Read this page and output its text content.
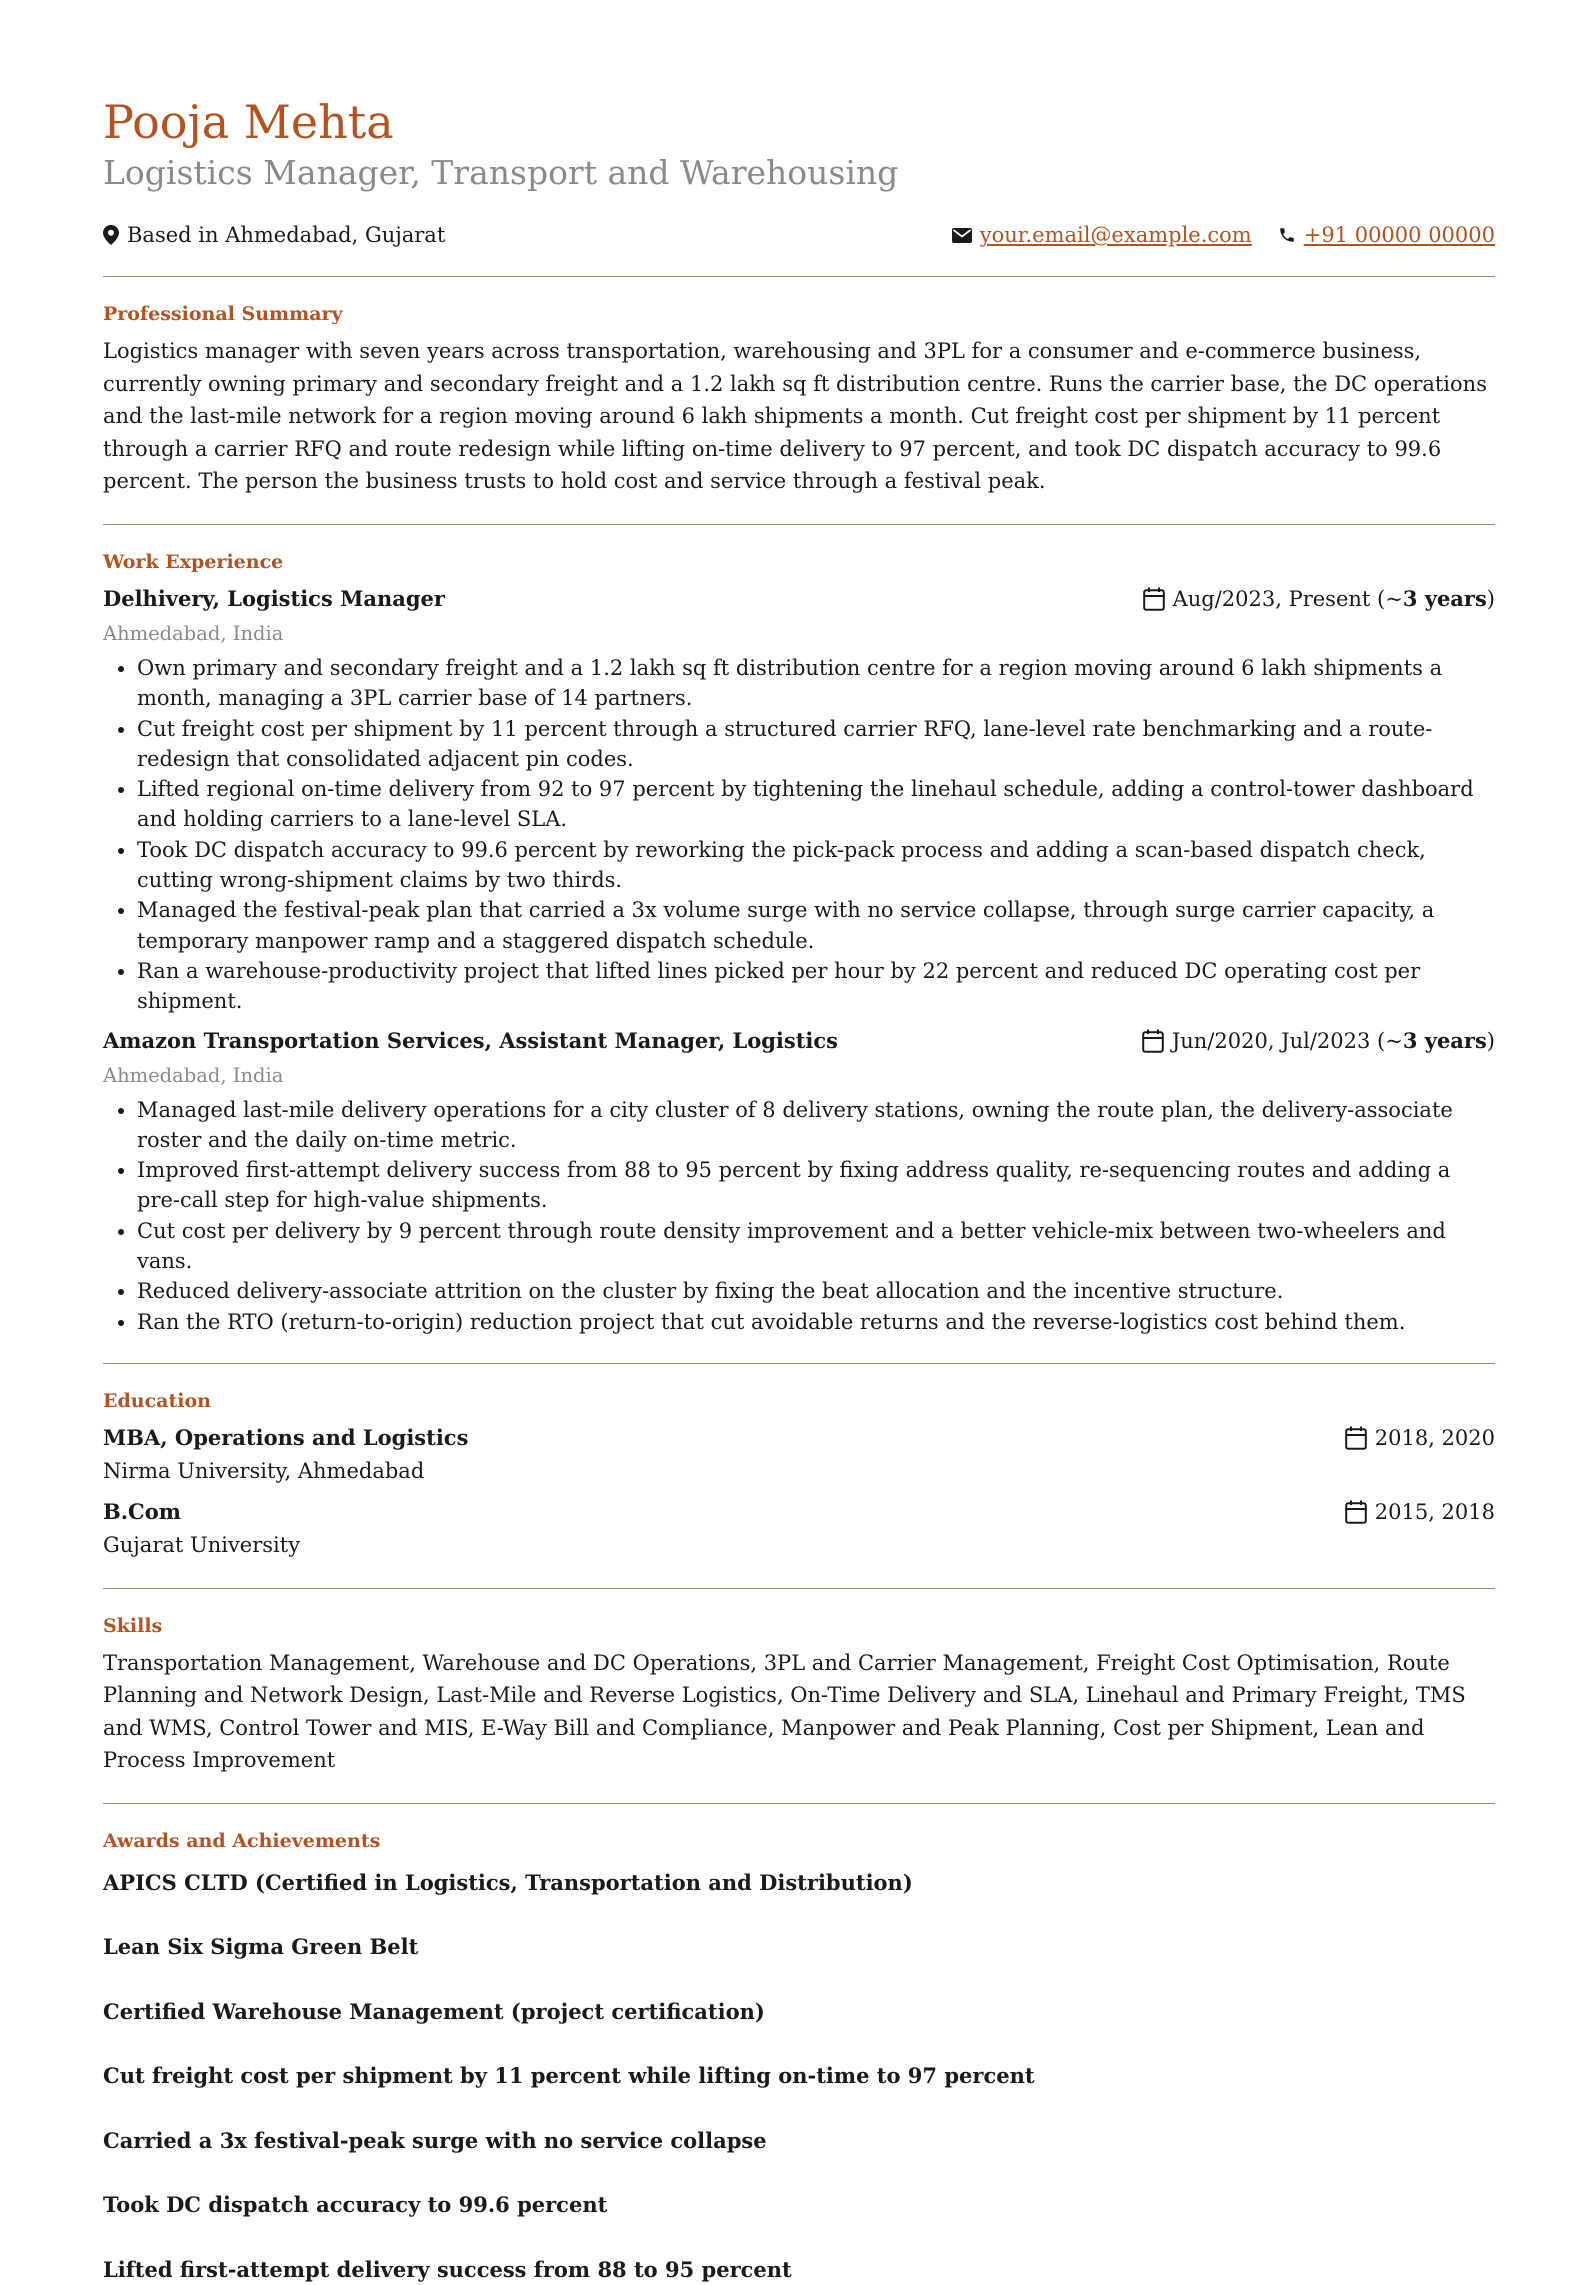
Pooja Mehta
Logistics Manager, Transport and Warehousing
Based in Ahmedabad, Gujarat	your.email@example.com +91 00000 00000
Professional Summary

Logistics manager with seven years across transportation, warehousing and 3PL for a consumer and e-commerce business, currently owning primary and secondary freight and a 1.2 lakh sq ft distribution centre. Runs the carrier base, the DC operations and the last-mile network for a region moving around 6 lakh shipments a month. Cut freight cost per shipment by 11 percent through a carrier RFQ and route redesign while lifting on-time delivery to 97 percent, and took DC dispatch accuracy to 99.6 percent. The person the business trusts to hold cost and service through a festival peak.

Work Experience
Delhivery, Logistics Manager	Aug/2023, Present (~ 3 years )
Ahmedabad, India
• Own primary and secondary freight and a 1.2 lakh sq ft distribution centre for a region moving around 6 lakh shipments a month, managing a 3PL carrier base of 14 partners.
• Cut freight cost per shipment by 11 percent through a structured carrier RFQ, lane-level rate benchmarking and a route-redesign that consolidated adjacent pin codes.
• Lifted regional on-time delivery from 92 to 97 percent by tightening the linehaul schedule, adding a control-tower dashboard and holding carriers to a lane-level SLA.
• Took DC dispatch accuracy to 99.6 percent by reworking the pick-pack process and adding a scan-based dispatch check, cutting wrong-shipment claims by two thirds.
• Managed the festival-peak plan that carried a 3x volume surge with no service collapse, through surge carrier capacity, a temporary manpower ramp and a staggered dispatch schedule.
• Ran a warehouse-productivity project that lifted lines picked per hour by 22 percent and reduced DC operating cost per shipment.
Amazon Transportation Services, Assistant Manager, Logistics	Jun/2020, Jul/2023 (~ 3 years )
Ahmedabad, India
• Managed last-mile delivery operations for a city cluster of 8 delivery stations, owning the route plan, the delivery-associate roster and the daily on-time metric.
• Improved first-attempt delivery success from 88 to 95 percent by fixing address quality, re-sequencing routes and adding a pre-call step for high-value shipments.
• Cut cost per delivery by 9 percent through route density improvement and a better vehicle-mix between two-wheelers and vans.
• Reduced delivery-associate attrition on the cluster by fixing the beat allocation and the incentive structure.
• Ran the RTO (return-to-origin) reduction project that cut avoidable returns and the reverse-logistics cost behind them.
Education
MBA, Operations and Logistics	2018, 2020
Nirma University, Ahmedabad
B.Com	2015, 2018
Gujarat University
Skills

Transportation Management, Warehouse and DC Operations, 3PL and Carrier Management, Freight Cost Optimisation, Route Planning and Network Design, Last-Mile and Reverse Logistics, On-Time Delivery and SLA, Linehaul and Primary Freight, TMS and WMS, Control Tower and MIS, E-Way Bill and Compliance, Manpower and Peak Planning, Cost per Shipment, Lean and Process Improvement

Awards and Achievements
APICS CLTD (Certified in Logistics, Transportation and Distribution)
Lean Six Sigma Green Belt
Certified Warehouse Management (project certification)
Cut freight cost per shipment by 11 percent while lifting on-time to 97 percent
Carried a 3x festival-peak surge with no service collapse
Took DC dispatch accuracy to 99.6 percent
Lifted first-attempt delivery success from 88 to 95 percent
